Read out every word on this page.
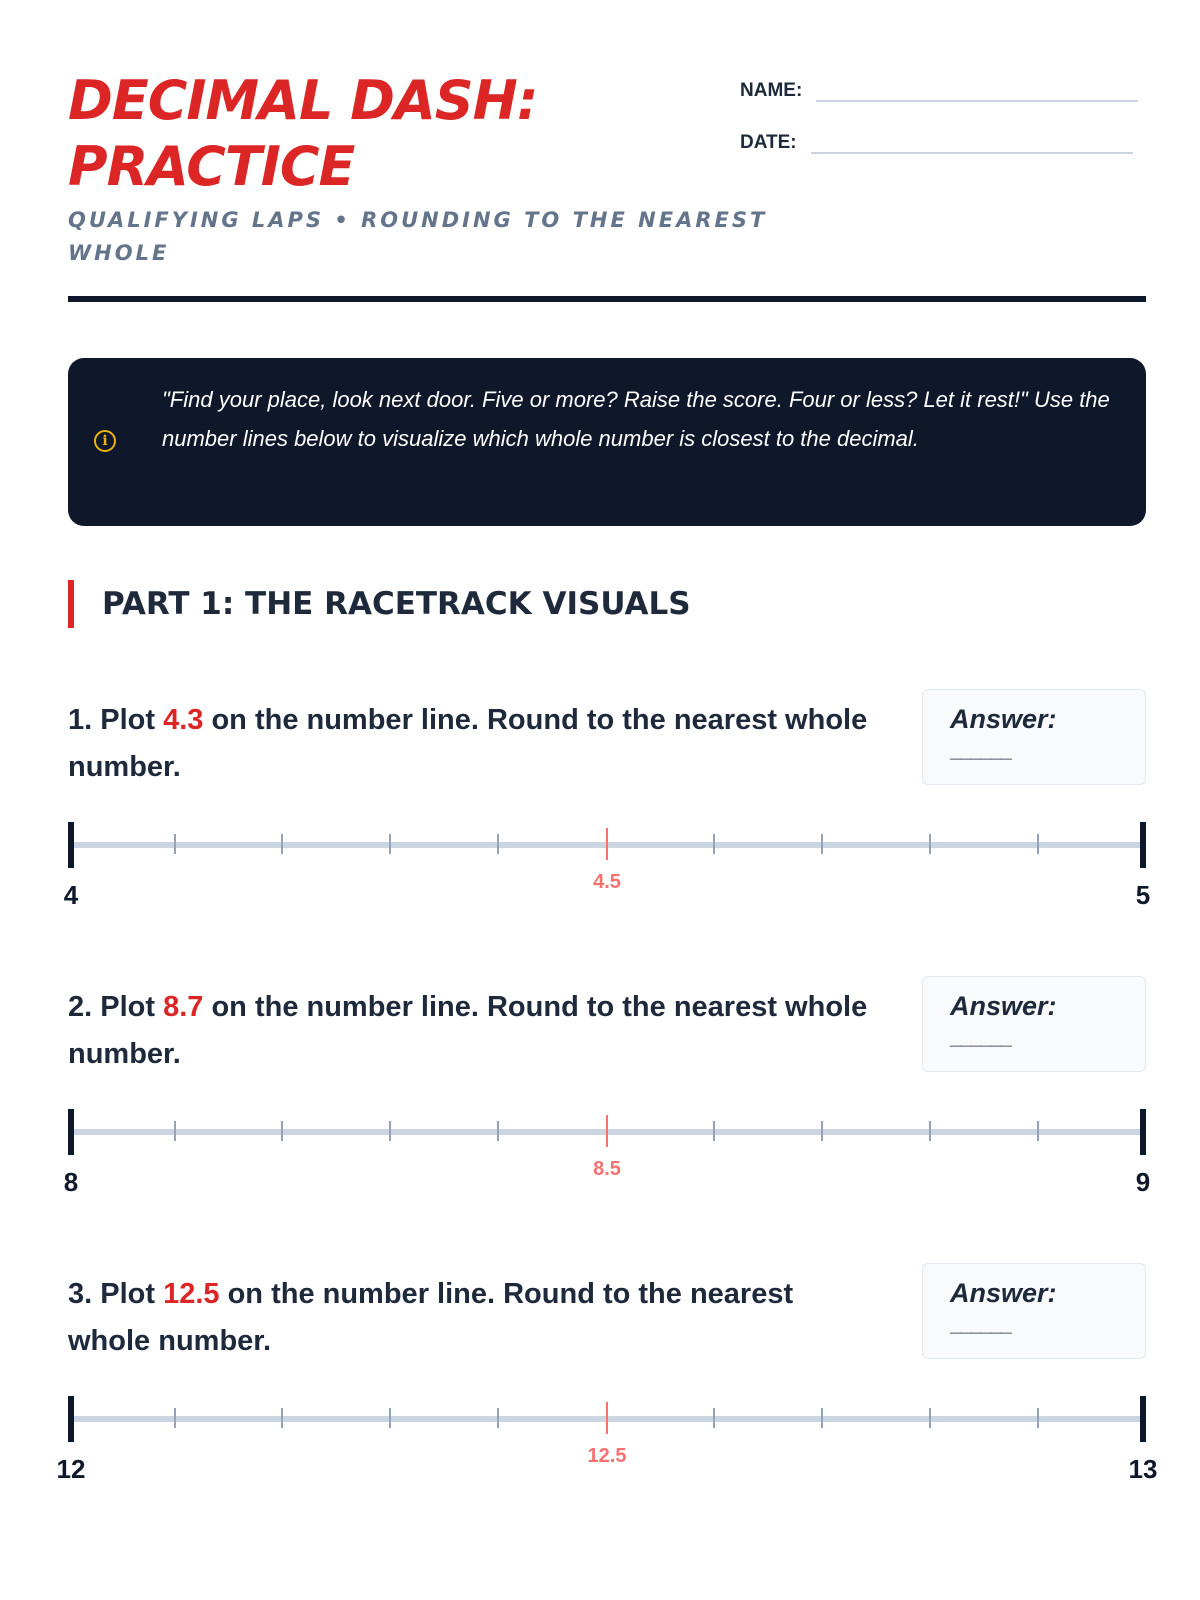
DECIMAL DASH: PRACTICE
QUALIFYING LAPS • ROUNDING TO THE NEAREST WHOLE
NAME:
DATE:
i
"Find your place, look next door. Five or more? Raise the score. Four or less? Let it rest!" Use the number lines below to visualize which whole number is closest to the decimal.
PART 1: THE RACETRACK VISUALS
1. Plot 4.3 on the number line. Round to the nearest whole number.
Answer:
______
4.5
4	5
2. Plot 8.7 on the number line. Round to the nearest whole number.
Answer:
______
8.5
8	9
3. Plot 12.5 on the number line. Round to the nearest whole number.
Answer:
______
12.5
12	13
